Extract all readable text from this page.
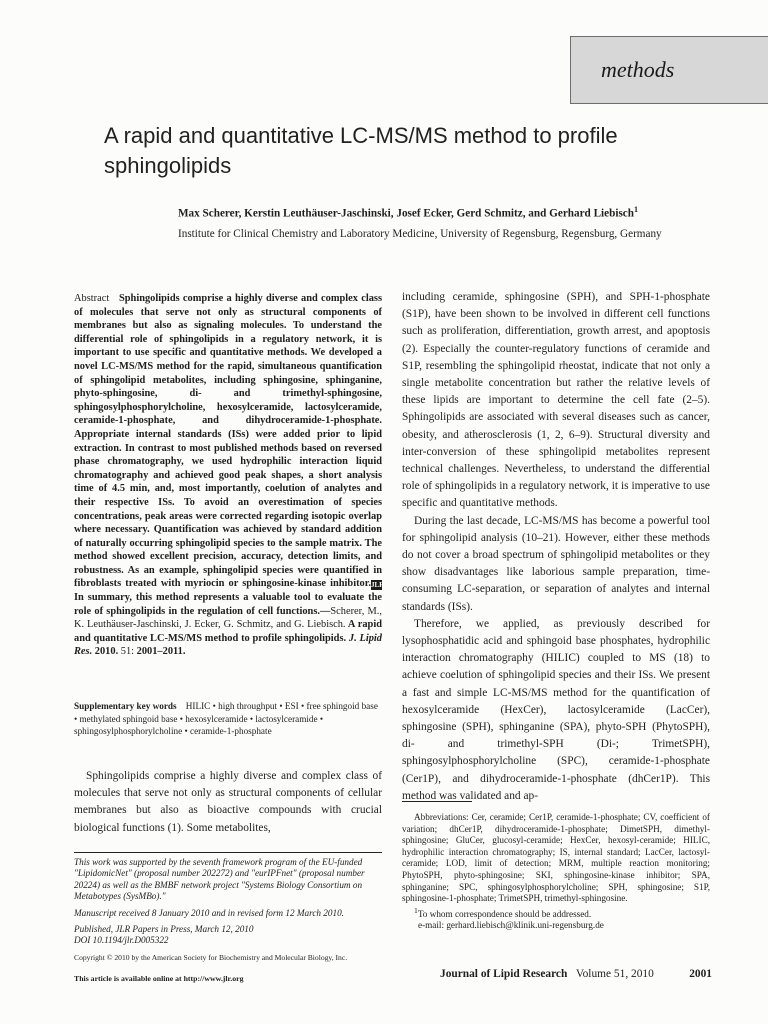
methods
A rapid and quantitative LC-MS/MS method to profile sphingolipids
Max Scherer, Kerstin Leuthäuser-Jaschinski, Josef Ecker, Gerd Schmitz, and Gerhard Liebisch$^1$
Institute for Clinical Chemistry and Laboratory Medicine, University of Regensburg, Regensburg, Germany
Abstract Sphingolipids comprise a highly diverse and complex class of molecules that serve not only as structural components of membranes but also as signaling molecules. To understand the differential role of sphingolipids in a regulatory network, it is important to use specific and quantitative methods. We developed a novel LC-MS/MS method for the rapid, simultaneous quantification of sphingolipid metabolites, including sphingosine, sphinganine, phyto-sphingosine, di- and trimethyl-sphingosine, sphingosylphosphorylcholine, hexosylceramide, lactosylceramide, ceramide-1-phosphate, and dihydroceramide-1-phosphate. Appropriate internal standards (ISs) were added prior to lipid extraction. In contrast to most published methods based on reversed phase chromatography, we used hydrophilic interaction liquid chromatography and achieved good peak shapes, a short analysis time of 4.5 min, and, most importantly, coelution of analytes and their respective ISs. To avoid an overestimation of species concentrations, peak areas were corrected regarding isotopic overlap where necessary. Quantification was achieved by standard addition of naturally occurring sphingolipid species to the sample matrix. The method showed excellent precision, accuracy, detection limits, and robustness. As an example, sphingolipid species were quantified in fibroblasts treated with myriocin or sphingosine-kinase inhibitor.JLR In summary, this method represents a valuable tool to evaluate the role of sphingolipids in the regulation of cell functions.—Scherer, M., K. Leuthäuser-Jaschinski, J. Ecker, G. Schmitz, and G. Liebisch. A rapid and quantitative LC-MS/MS method to profile sphingolipids. J. Lipid Res. 2010. 51: 2001–2011.
Supplementary key words HILIC • high throughput • ESI • free sphingoid base • methylated sphingoid base • hexosylceramide • lactosylceramide • sphingosylphosphorylcholine • ceramide-1-phosphate
Sphingolipids comprise a highly diverse and complex class of molecules that serve not only as structural components of cellular membranes but also as bioactive compounds with crucial biological functions (1). Some metabolites,

This work was supported by the seventh framework program of the EU-funded "LipidomicNet" (proposal number 202272) and "eurIPFnet" (proposal number 20224) as well as the BMBF network project "Systems Biology Consortium on Metabotypes (SysMBo)."

Manuscript received 8 January 2010 and in revised form 12 March 2010.

Published, JLR Papers in Press, March 12, 2010

DOI 10.1194/jlr.D005322

Copyright © 2010 by the American Society for Biochemistry and Molecular Biology, Inc.
This article is available online at http://www.jlr.org

including ceramide, sphingosine (SPH), and SPH-1-phosphate (S1P), have been shown to be involved in different cell functions such as proliferation, differentiation, growth arrest, and apoptosis (2). Especially the counter-regulatory functions of ceramide and S1P, resembling the sphingolipid rheostat, indicate that not only a single metabolite concentration but rather the relative levels of these lipids are important to determine the cell fate (2–5). Sphingolipids are associated with several diseases such as cancer, obesity, and atherosclerosis (1, 2, 6–9). Structural diversity and inter-conversion of these sphingolipid metabolites represent technical challenges. Nevertheless, to understand the differential role of sphingolipids in a regulatory network, it is imperative to use specific and quantitative methods.

During the last decade, LC-MS/MS has become a powerful tool for sphingolipid analysis (10–21). However, either these methods do not cover a broad spectrum of sphingolipid metabolites or they show disadvantages like laborious sample preparation, time-consuming LC-separation, or separation of analytes and internal standards (ISs).

Therefore, we applied, as previously described for lysophosphatidic acid and sphingoid base phosphates, hydrophilic interaction chromatography (HILIC) coupled to MS (18) to achieve coelution of sphingolipid species and their ISs. We present a fast and simple LC-MS/MS method for the quantification of hexosylceramide (HexCer), lactosylceramide (LacCer), sphingosine (SPH), sphinganine (SPA), phyto-SPH (PhytoSPH), di- and trimethyl-SPH (Di-; TrimetSPH), sphingosylphosphorylcholine (SPC), ceramide-1-phosphate (Cer1P), and dihydroceramide-1-phosphate (dhCer1P). This method was validated and ap-

Abbreviations: Cer, ceramide; Cer1P, ceramide-1-phosphate; CV, coefficient of variation; dhCer1P, dihydroceramide-1-phosphate; DimetSPH, dimethyl-sphingosine; GluCer, glucosyl-ceramide; HexCer, hexosyl-ceramide; HILIC, hydrophilic interaction chromatography; IS, internal standard; LacCer, lactosyl-ceramide; LOD, limit of detection; MRM, multiple reaction monitoring; PhytoSPH, phyto-sphingosine; SKI, sphingosine-kinase inhibitor; SPA, sphinganine; SPC, sphingosylphosphorylcholine; SPH, sphingosine; S1P, sphingosine-1-phosphate; TrimetSPH, trimethyl-sphingosine.

$^1$To whom correspondence should be addressed.

e-mail: gerhard.liebisch@klinik.uni-regensburg.de

Journal of Lipid Research Volume 51, 2010	2001
